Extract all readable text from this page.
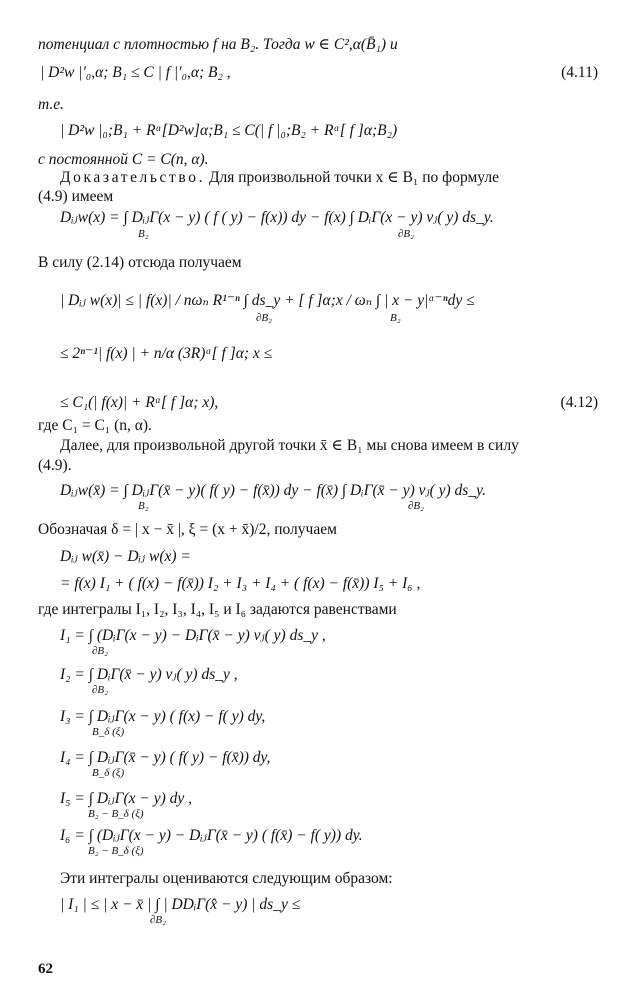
потенциал с плотностью f на B₂. Тогда w ∈ C²,α(B̄₁) и
| D²w |′₀,α; B₁ ≤ C | f |′₀,α; B₂ ,	(4.11)
т.е.
| D²w |₀;B₁ + Rᵅ[D²w]α;B₁ ≤ C(| f |₀;B₂ + Rᵅ[ f ]α;B₂)
с постоянной C = C(n, α).
Доказательство. Для произвольной точки x ∈ B₁ по формуле
(4.9) имеем
Dᵢⱼw(x) = ∫ DᵢⱼΓ(x − y) ( f ( y) − f(x)) dy − f(x) ∫ DᵢΓ(x − y) νⱼ( y) ds_y.
B₂	∂B₂
В силу (2.14) отсюда получаем
| Dᵢⱼ w(x)| ≤ | f(x)| / nωₙ R¹⁻ⁿ ∫ ds_y + [ f ]α;x / ωₙ ∫ | x − y|ᵅ⁻ⁿdy ≤
∂B₂	B₂
≤ 2ⁿ⁻¹| f(x) | + n/α (3R)ᵅ[ f ]α; x ≤
≤ C₁(| f(x)| + Rᵅ[ f ]α; x),	(4.12)
где C₁ = C₁ (n, α).
Далее, для произвольной другой точки x̄ ∈ B₁ мы снова имеем в силу
(4.9).
Dᵢⱼw(x̄) = ∫ DᵢⱼΓ(x̄ − y)( f( y) − f(x̄)) dy − f(x̄) ∫ DᵢΓ(x̄ − y) νⱼ( y) ds_y.
B₂	∂B₂
Обозначая δ = | x − x̄ |, ξ = (x + x̄)/2, получаем
Dᵢⱼ w(x̄) − Dᵢⱼ w(x) =
= f(x) I₁ + ( f(x) − f(x̄)) I₂ + I₃ + I₄ + ( f(x) − f(x̄)) I₅ + I₆ ,
где интегралы I₁, I₂, I₃, I₄, I₅ и I₆ задаются равенствами
I₁ = ∫ (DᵢΓ(x − y) − DᵢΓ(x̄ − y) νⱼ( y) ds_y ,
∂B₂
I₂ = ∫ DᵢΓ(x̄ − y) νⱼ( y) ds_y ,
∂B₂
I₃ = ∫ DᵢⱼΓ(x − y) ( f(x) − f( y) dy,
B_δ (ξ)
I₄ = ∫ DᵢⱼΓ(x̄ − y) ( f( y) − f(x̄)) dy,
B_δ (ξ)
I₅ = ∫ DᵢⱼΓ(x − y) dy ,
B₂ − B_δ (ξ)
I₆ = ∫ (DᵢⱼΓ(x − y) − DᵢⱼΓ(x̄ − y) ( f(x̄) − f( y)) dy.
B₂ − B_δ (ξ)
Эти интегралы оцениваются следующим образом:
| I₁ | ≤ | x − x̄ | ∫ | DDᵢΓ(x̂ − y) | ds_y ≤
∂B₂
62
